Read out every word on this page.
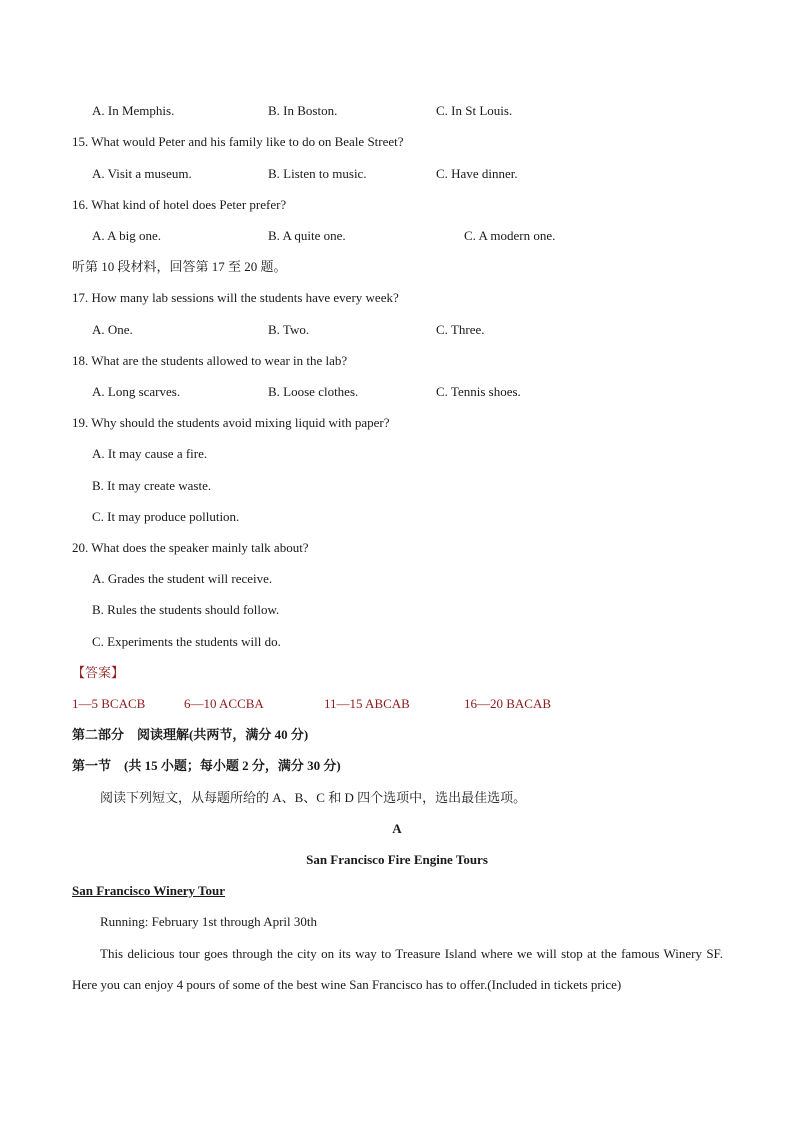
A. In Memphis.	B. In Boston.	C. In St Louis.
15. What would Peter and his family like to do on Beale Street?
A. Visit a museum.	B. Listen to music.	C. Have dinner.
16. What kind of hotel does Peter prefer?
A. A big one.	B. A quite one.	C. A modern one.
听第 10 段材料，回答第 17 至 20 题。
17. How many lab sessions will the students have every week?
A. One.	B. Two.	C. Three.
18. What are the students allowed to wear in the lab?
A. Long scarves.	B. Loose clothes.	C. Tennis shoes.
19. Why should the students avoid mixing liquid with paper?
A. It may cause a fire.
B. It may create waste.
C. It may produce pollution.
20. What does the speaker mainly talk about?
A. Grades the student will receive.
B. Rules the students should follow.
C. Experiments the students will do.
【答案】
1—5 BCACB	6—10 ACCBA	11—15 ABCAB	16—20 BACAB
第二部分　阅读理解(共两节，满分 40 分)
第一节　(共 15 小题；每小题 2 分，满分 30 分)
阅读下列短文，从每题所给的 A、B、C 和 D 四个选项中，选出最佳选项。
A
San Francisco Fire Engine Tours
San Francisco Winery Tour
Running: February 1st through April 30th
This delicious tour goes through the city on its way to Treasure Island where we will stop at the famous Winery SF. Here you can enjoy 4 pours of some of the best wine San Francisco has to offer.(Included in tickets price)
